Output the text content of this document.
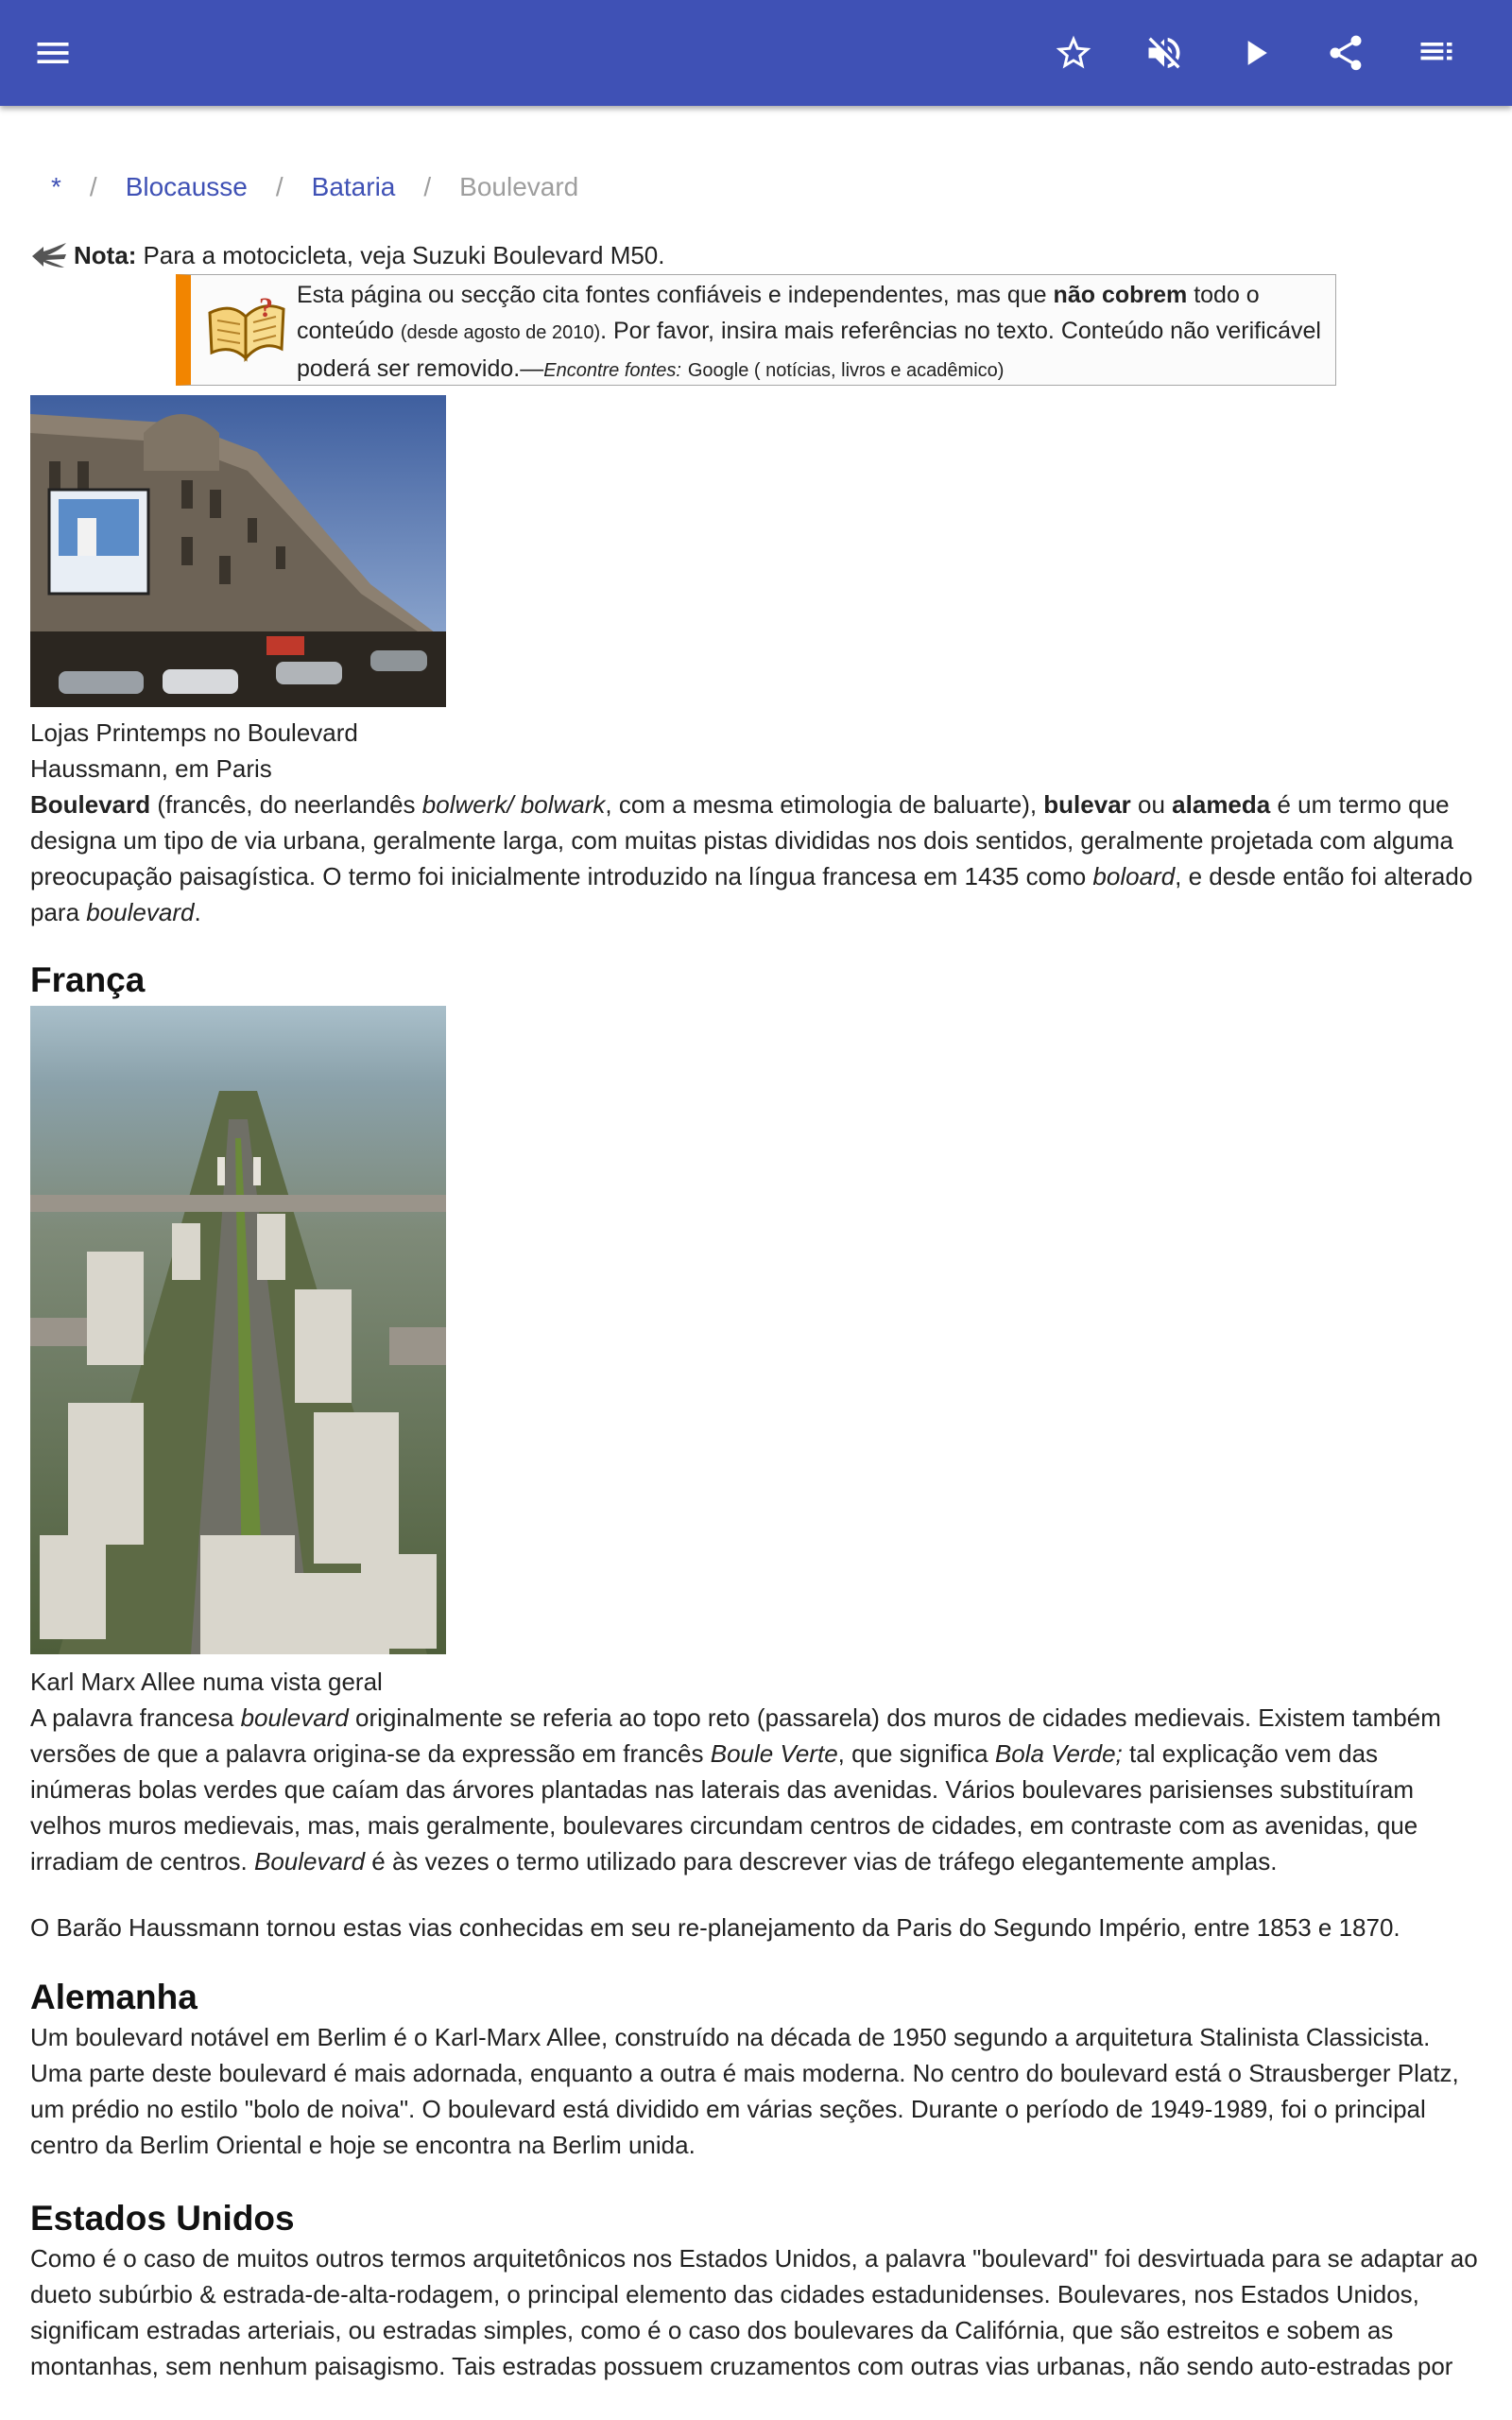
* / Blocausse / Bataria / Boulevard
Nota: Para a motocicleta, veja Suzuki Boulevard M50.
? Esta página ou secção cita fontes confiáveis e independentes, mas que não cobrem todo o conteúdo (desde agosto de 2010). Por favor, insira mais referências no texto. Conteúdo não verificável poderá ser removido.—Encontre fontes: Google ( notícias, livros e acadêmico)
Lojas Printemps no Boulevard
Haussmann, em Paris

Boulevard (francês, do neerlandês bolwerk/ bolwark, com a mesma etimologia de baluarte), bulevar ou alameda é um termo que designa um tipo de via urbana, geralmente larga, com muitas pistas divididas nos dois sentidos, geralmente projetada com alguma preocupação paisagística. O termo foi inicialmente introduzido na língua francesa em 1435 como boloard, e desde então foi alterado para boulevard.

França
Karl Marx Allee numa vista geral

A palavra francesa boulevard originalmente se referia ao topo reto (passarela) dos muros de cidades medievais. Existem também versões de que a palavra origina-se da expressão em francês Boule Verte, que significa Bola Verde; tal explicação vem das inúmeras bolas verdes que caíam das árvores plantadas nas laterais das avenidas. Vários boulevares parisienses substituíram velhos muros medievais, mas, mais geralmente, boulevares circundam centros de cidades, em contraste com as avenidas, que irradiam de centros. Boulevard é às vezes o termo utilizado para descrever vias de tráfego elegantemente amplas.

O Barão Haussmann tornou estas vias conhecidas em seu re-planejamento da Paris do Segundo Império, entre 1853 e 1870.

Alemanha

Um boulevard notável em Berlim é o Karl-Marx Allee, construído na década de 1950 segundo a arquitetura Stalinista Classicista. Uma parte deste boulevard é mais adornada, enquanto a outra é mais moderna. No centro do boulevard está o Strausberger Platz, um prédio no estilo "bolo de noiva". O boulevard está dividido em várias seções. Durante o período de 1949-1989, foi o principal centro da Berlim Oriental e hoje se encontra na Berlim unida.

Estados Unidos

Como é o caso de muitos outros termos arquitetônicos nos Estados Unidos, a palavra "boulevard" foi desvirtuada para se adaptar ao dueto subúrbio & estrada-de-alta-rodagem, o principal elemento das cidades estadunidenses. Boulevares, nos Estados Unidos, significam estradas arteriais, ou estradas simples, como é o caso dos boulevares da Califórnia, que são estreitos e sobem as montanhas, sem nenhum paisagismo. Tais estradas possuem cruzamentos com outras vias urbanas, não sendo auto-estradas por
